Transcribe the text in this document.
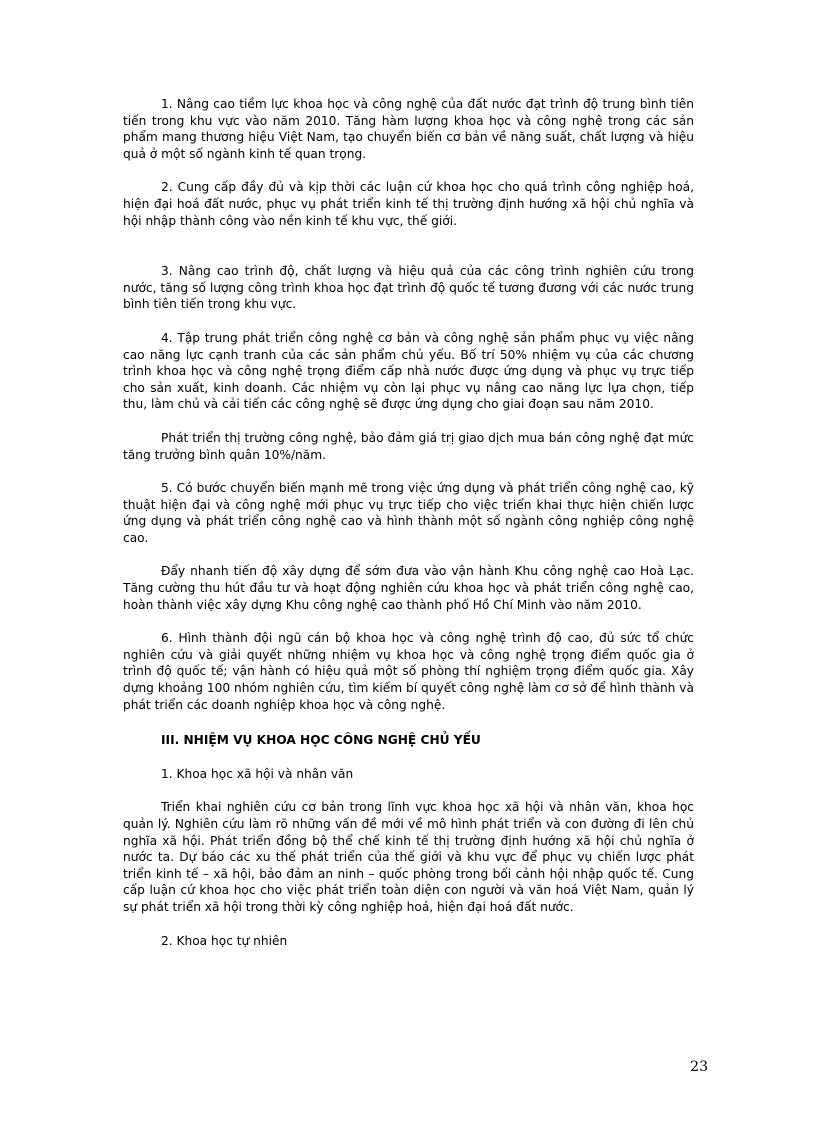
1. Nâng cao tiềm lực khoa học và công nghệ của đất nước đạt trình độ trung bình tiên tiến trong khu vực vào năm 2010. Tăng hàm lượng khoa học và công nghệ trong các sản phẩm mang thương hiệu Việt Nam, tạo chuyển biến cơ bản về năng suất, chất lượng và hiệu quả ở một số ngành kinh tế quan trọng.

2. Cung cấp đầy đủ và kịp thời các luận cứ khoa học cho quá trình công nghiệp hoá, hiện đại hoá đất nước, phục vụ phát triển kinh tế thị trường định hướng xã hội chủ nghĩa và hội nhập thành công vào nền kinh tế khu vực, thế giới.

3. Nâng cao trình độ, chất lượng và hiệu quả của các công trình nghiên cứu trong nước, tăng số lượng công trình khoa học đạt trình độ quốc tế tương đương với các nước trung bình tiên tiến trong khu vực.

4. Tập trung phát triển công nghệ cơ bản và công nghệ sản phẩm phục vụ việc nâng cao năng lực cạnh tranh của các sản phẩm chủ yếu. Bố trí 50% nhiệm vụ của các chương trình khoa học và công nghệ trọng điểm cấp nhà nước được ứng dụng và phục vụ trực tiếp cho sản xuất, kinh doanh. Các nhiệm vụ còn lại phục vụ nâng cao năng lực lựa chọn, tiếp thu, làm chủ và cải tiến các công nghệ sẽ được ứng dụng cho giai đoạn sau năm 2010.

Phát triển thị trường công nghệ, bảo đảm giá trị giao dịch mua bán công nghệ đạt mức tăng trưởng bình quân 10%/năm.

5. Có bước chuyển biến mạnh mẽ trong việc ứng dụng và phát triển công nghệ cao, kỹ thuật hiện đại và công nghệ mới phục vụ trực tiếp cho việc triển khai thực hiện chiến lược ứng dụng và phát triển công nghệ cao và hình thành một số ngành công nghiệp công nghệ cao.

Đẩy nhanh tiến độ xây dựng để sớm đưa vào vận hành Khu công nghệ cao Hoà Lạc. Tăng cường thu hút đầu tư và hoạt động nghiên cứu khoa học và phát triển công nghệ cao, hoàn thành việc xây dựng Khu công nghệ cao thành phố Hồ Chí Minh vào năm 2010.

6. Hình thành đội ngũ cán bộ khoa học và công nghệ trình độ cao, đủ sức tổ chức nghiên cứu và giải quyết những nhiệm vụ khoa học và công nghệ trọng điểm quốc gia ở trình độ quốc tế; vận hành có hiệu quả một số phòng thí nghiệm trọng điểm quốc gia. Xây dựng khoảng 100 nhóm nghiên cứu, tìm kiếm bí quyết công nghệ làm cơ sở để hình thành và phát triển các doanh nghiệp khoa học và công nghệ.

III. NHIỆM VỤ KHOA HỌC CÔNG NGHỆ CHỦ YẾU

1. Khoa học xã hội và nhân văn

Triển khai nghiên cứu cơ bản trong lĩnh vực khoa học xã hội và nhân văn, khoa học quản lý. Nghiên cứu làm rõ những vấn đề mới về mô hình phát triển và con đường đi lên chủ nghĩa xã hội. Phát triển đồng bộ thể chế kinh tế thị trường định hướng xã hội chủ nghĩa ở nước ta. Dự báo các xu thế phát triển của thế giới và khu vực để phục vụ chiến lược phát triển kinh tế – xã hội, bảo đảm an ninh – quốc phòng trong bối cảnh hội nhập quốc tế. Cung cấp luận cứ khoa học cho việc phát triển toàn diện con người và văn hoá Việt Nam, quản lý sự phát triển xã hội trong thời kỳ công nghiệp hoá, hiện đại hoá đất nước.

2. Khoa học tự nhiên

23
